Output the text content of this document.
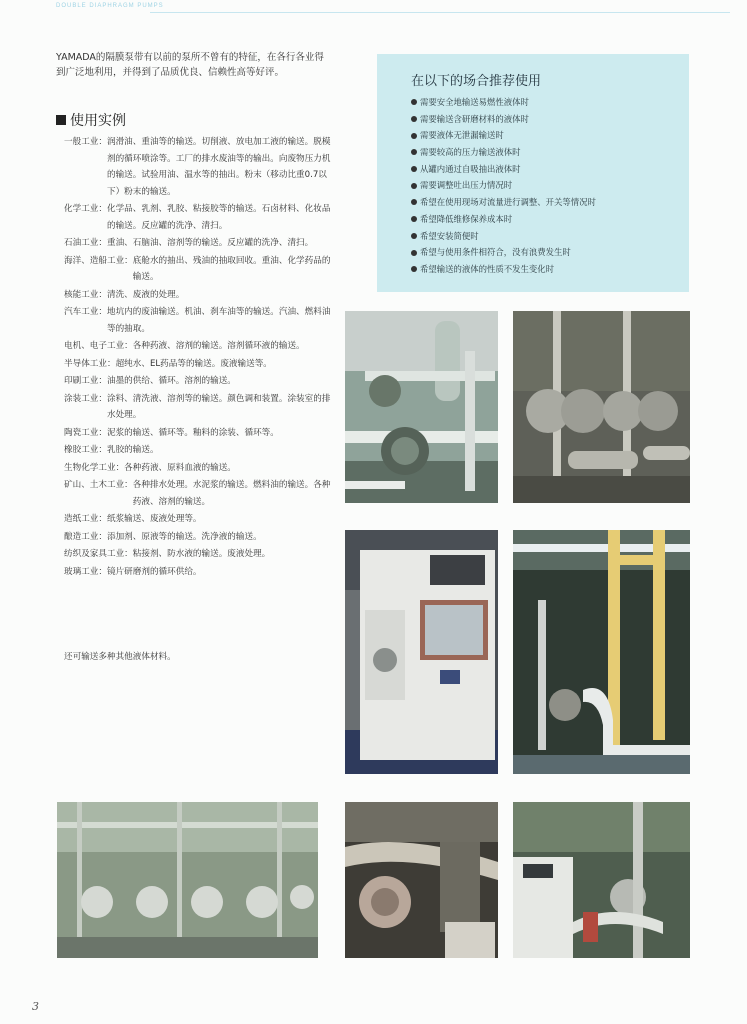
DOUBLE DIAPHRAGM PUMPS
YAMADA的隔膜泵带有以前的泵所不曾有的特征，在各行各业得到广泛地利用，并得到了品质优良、信赖性高等好评。
使用实例
一般工业： 润滑油、重油等的输送。切削液、放电加工液的输送。脱模剂的循环喷涂等。工厂的排水废油等的输出。向废物压力机的输送。试验用油、温水等的抽出。粉末（移动比重0.7以下）粉末的输送。
化学工业： 化学品、乳剂、乳胶、粘接胶等的输送。石卤材料、化妆品的输送。反应罐的洗净、清扫。
石油工业： 重油、石脑油、溶剂等的输送。反应罐的洗净、清扫。
海洋、造船工业： 底舱水的抽出、残油的抽取回收。重油、化学药品的输送。
核能工业： 清洗、废液的处理。
汽车工业： 地坑内的废油输送。机油、刹车油等的输送。汽油、燃料油等的抽取。
电机、电子工业： 各种药液、溶剂的输送。溶剂循环液的输送。
半导体工业： 超纯水、EL药品等的输送。废液输送等。
印刷工业： 油墨的供给、循环。溶剂的输送。
涂装工业： 涂料、清洗液、溶剂等的输送。颜色调和装置。涂装室的排水处理。
陶瓷工业： 泥浆的输送、循环等。釉料的涂装、循环等。
橡胶工业： 乳胶的输送。
生物化学工业： 各种药液、原料血液的输送。
矿山、土木工业： 各种排水处理。水泥浆的输送。燃料油的输送。各种药液、溶剂的输送。
造纸工业： 纸浆输送、废液处理等。
酿造工业： 添加剂、原液等的输送。洗净液的输送。
纺织及家具工业： 粘接剂、防水液的输送。废液处理。
玻璃工业： 镜片研磨剂的循环供给。
还可输送多种其他液体材料。
在以下的场合推荐使用
需要安全地输送易燃性液体时
需要输送含研磨材料的液体时
需要液体无泄漏输送时
需要较高的压力输送液体时
从罐内通过自吸抽出液体时
需要调整吐出压力情况时
希望在使用现场对流量进行调整、开关等情况时
希望降低维修保养成本时
希望安装简便时
希望与使用条件相符合，没有浪费发生时
希望输送的液体的性质不发生变化时
3
